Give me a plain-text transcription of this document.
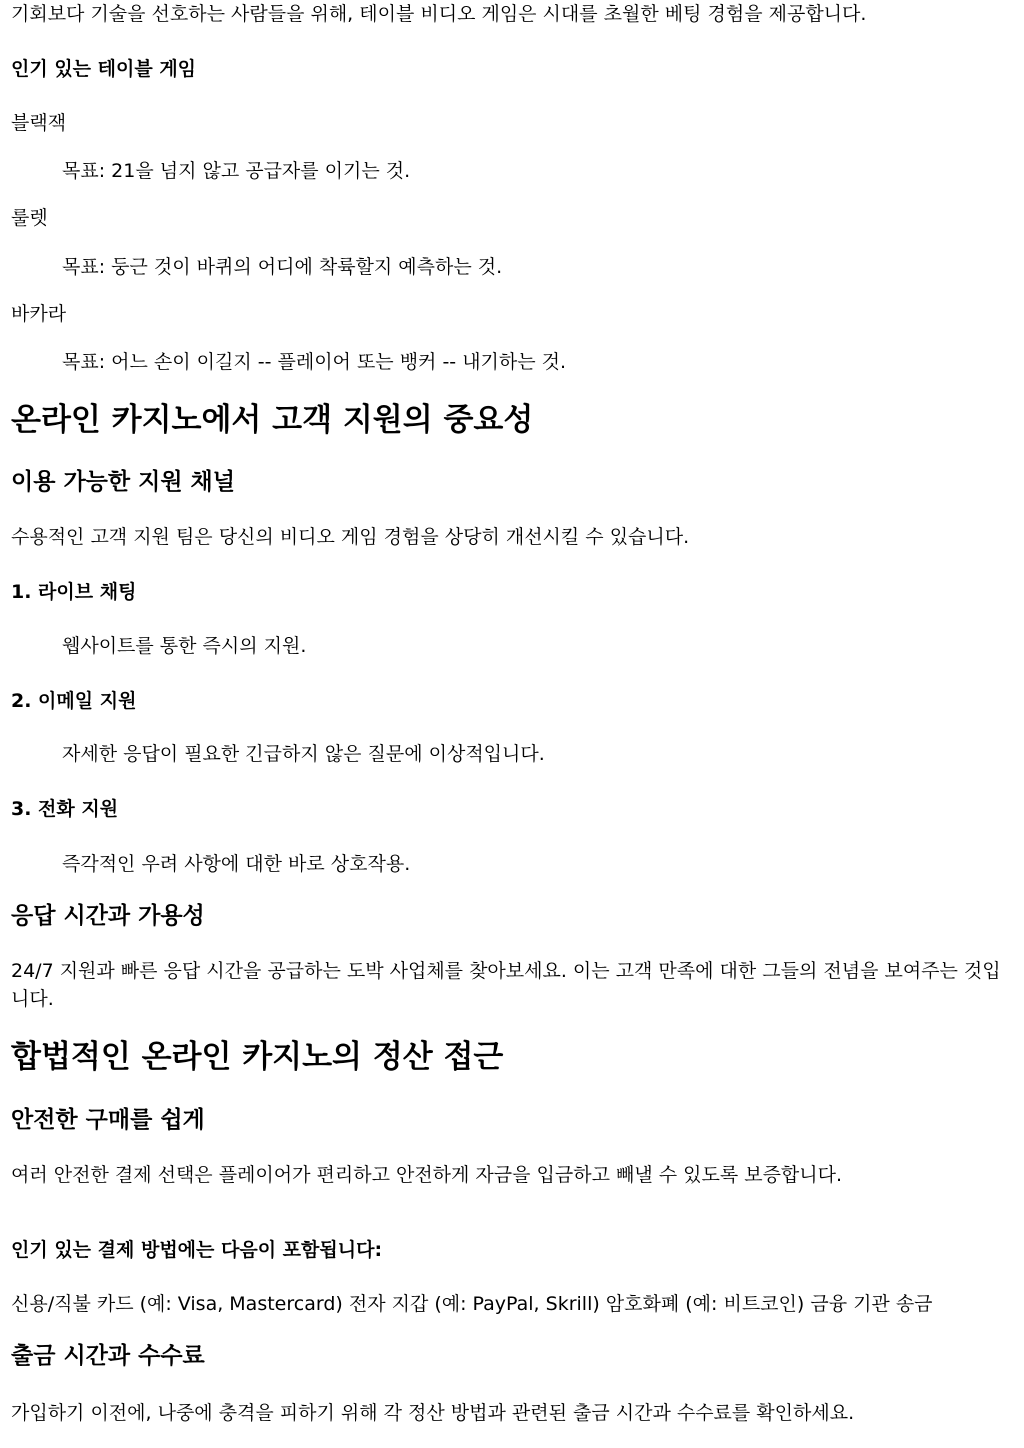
기회보다 기술을 선호하는 사람들을 위해, 테이블 비디오 게임은 시대를 초월한 베팅 경험을 제공합니다.

인기 있는 테이블 게임

블랙잭

목표: 21을 넘지 않고 공급자를 이기는 것.

룰렛

목표: 둥근 것이 바퀴의 어디에 착륙할지 예측하는 것.

바카라

목표: 어느 손이 이길지 -- 플레이어 또는 뱅커 -- 내기하는 것.

온라인 카지노에서 고객 지원의 중요성
이용 가능한 지원 채널

수용적인 고객 지원 팀은 당신의 비디오 게임 경험을 상당히 개선시킬 수 있습니다.

1. 라이브 채팅

웹사이트를 통한 즉시의 지원.

2. 이메일 지원

자세한 응답이 필요한 긴급하지 않은 질문에 이상적입니다.

3. 전화 지원

즉각적인 우려 사항에 대한 바로 상호작용.

응답 시간과 가용성

24/7 지원과 빠른 응답 시간을 공급하는 도박 사업체를 찾아보세요. 이는 고객 만족에 대한 그들의 전념을 보여주는 것입니다.

합법적인 온라인 카지노의 정산 접근
안전한 구매를 쉽게

여러 안전한 결제 선택은 플레이어가 편리하고 안전하게 자금을 입금하고 빼낼 수 있도록 보증합니다.

인기 있는 결제 방법에는 다음이 포함됩니다:

신용/직불 카드 (예: Visa, Mastercard) 전자 지갑 (예: PayPal, Skrill) 암호화폐 (예: 비트코인) 금융 기관 송금

출금 시간과 수수료

가입하기 이전에, 나중에 충격을 피하기 위해 각 정산 방법과 관련된 출금 시간과 수수료를 확인하세요.
